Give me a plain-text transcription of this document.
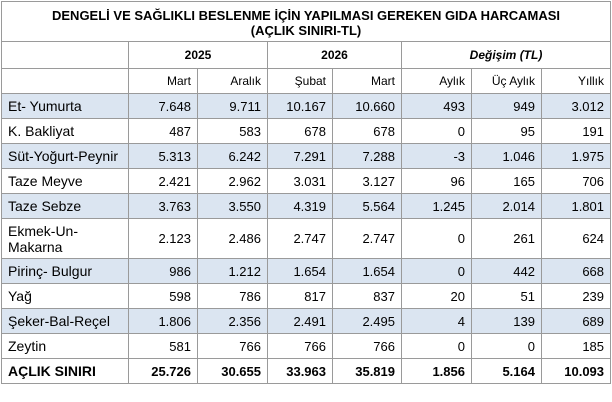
DENGELİ VE SAĞLIKLI BESLENME İÇİN YAPILMASI GEREKEN GIDA HARCAMASI
(AÇLIK SINIRI-TL)							

	2025		2026		Değişim (TL)		
	Mart	Aralık	Şubat	Mart	Aylık	Üç Aylık	Yıllık
Et- Yumurta	7.648	9.711	10.167	10.660	493	949	3.012
K. Bakliyat	487	583	678	678	0	95	191
Süt-Yoğurt-Peynir	5.313	6.242	7.291	7.288	-3	1.046	1.975
Taze Meyve	2.421	2.962	3.031	3.127	96	165	706
Taze Sebze	3.763	3.550	4.319	5.564	1.245	2.014	1.801
Ekmek-Un-Makarna	2.123	2.486	2.747	2.747	0	261	624
Pirinç- Bulgur	986	1.212	1.654	1.654	0	442	668
Yağ	598	786	817	837	20	51	239
Şeker-Bal-Reçel	1.806	2.356	2.491	2.495	4	139	689
Zeytin	581	766	766	766	0	0	185
AÇLIK SINIRI	25.726	30.655	33.963	35.819	1.856	5.164	10.093
